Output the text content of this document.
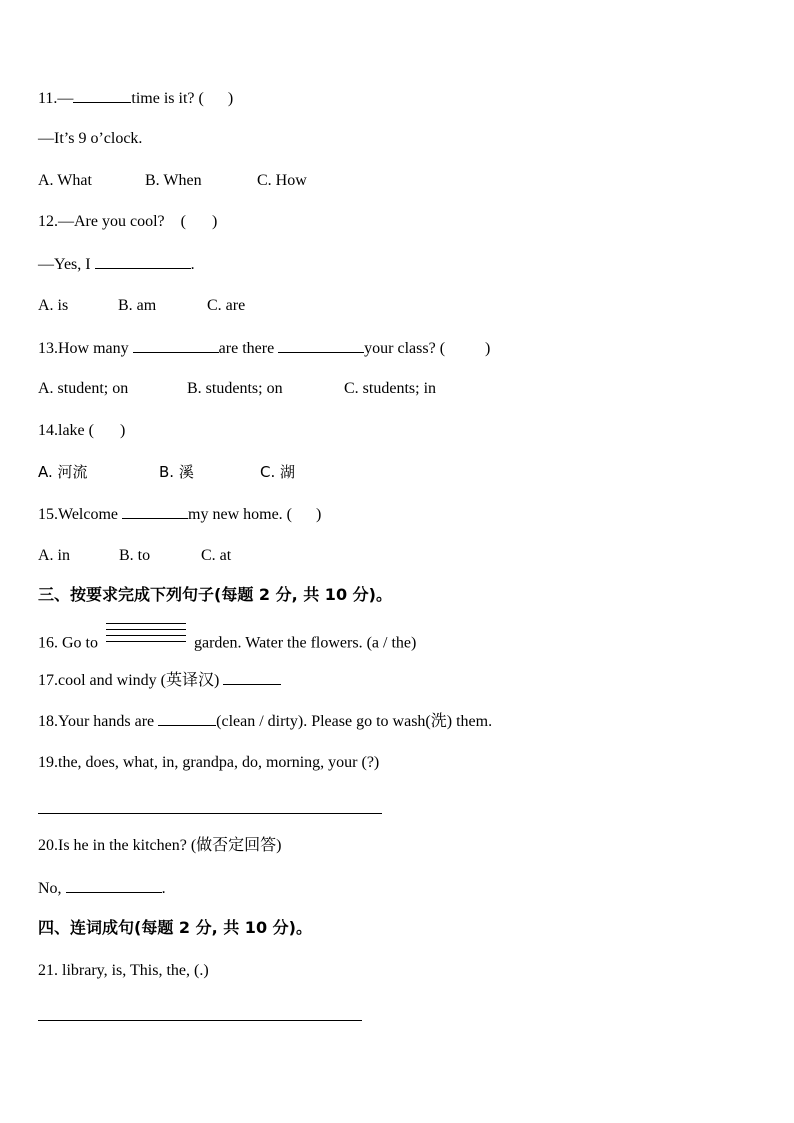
11.—	time is it? ( )
—It’s 9 o’clock.
A. What	B. When	C. How
12.—Are you cool? ( )
—Yes, I	.
A. is	B. am	C. are
13.How many	are there	your class? (	)
A. student; on	B. students; on	C. students; in
14.lake ( )
A. 河流	B. 溪	C. 湖
15.Welcome	my new home. ( )
A. in	B. to	C. at
三、按要求完成下列句子(每题 2 分, 共 10 分)。
16. Go to	garden. Water the flowers. (a / the)
17.cool and windy (英译汉)
18.Your hands are	(clean / dirty). Please go to wash(洗) them.
19.the, does, what, in, grandpa, do, morning, your (?)
20.Is he in the kitchen? (做否定回答)
No,	.
四、连词成句(每题 2 分, 共 10 分)。
21. library, is, This, the, (.)
